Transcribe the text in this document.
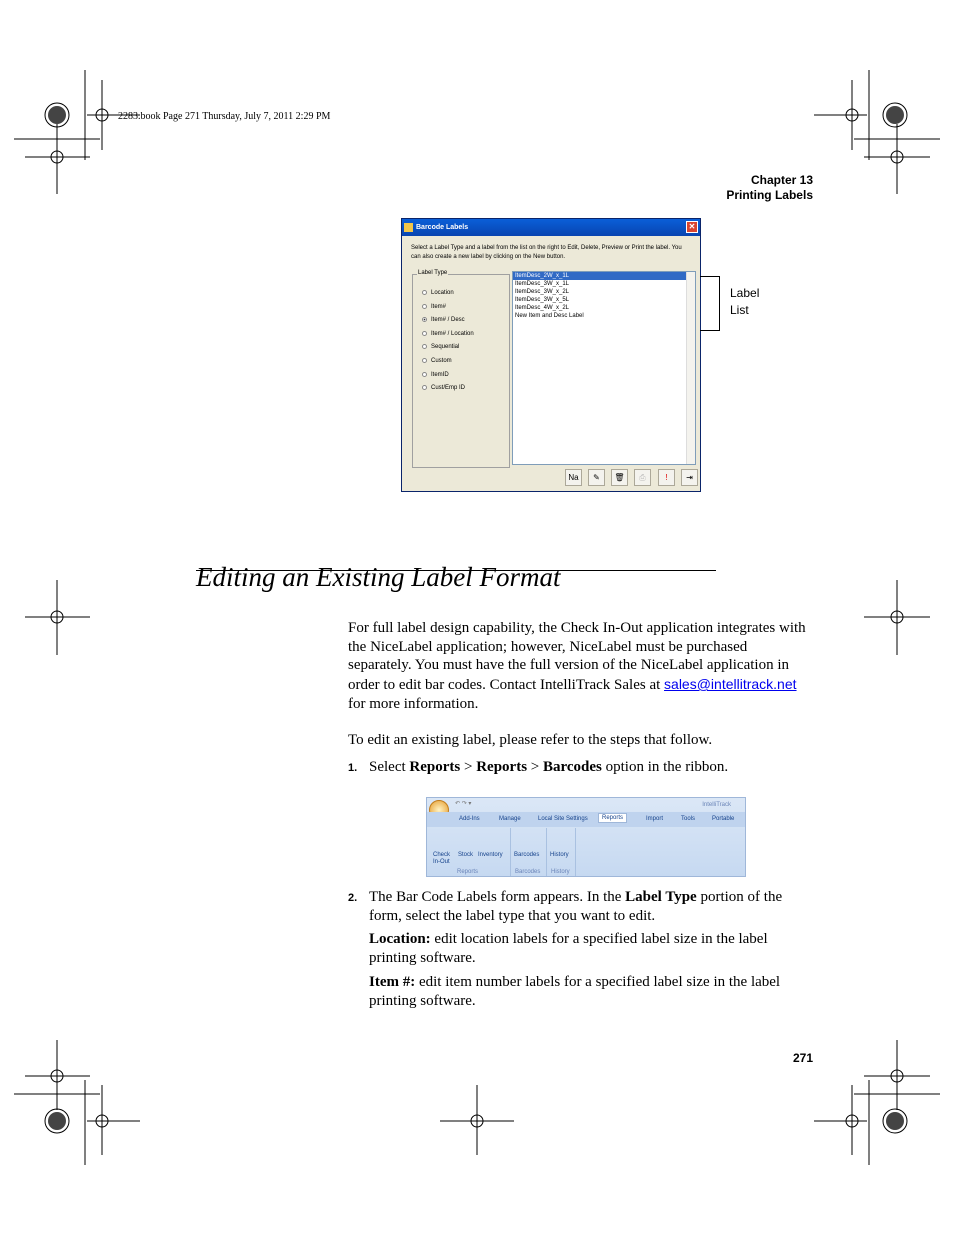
2283.book Page 271 Thursday, July 7, 2011 2:29 PM
Chapter 13
Printing Labels
Barcode Labels	✕
Select a Label Type and a label from the list on the right to Edit, Delete, Preview or Print the label. You can also create a new label by clicking on the New button.
Label Type
Location
Item#
Item# / Desc
Item# / Location
Sequential
Custom
ItemID
Cust/Emp ID
ItemDesc_2W_x_1L
ItemDesc_3W_x_1L
ItemDesc_3W_x_2L
ItemDesc_3W_x_5L
ItemDesc_4W_x_2L
New Item and Desc Label
Na	✎	🗑	⎙	!	⇥
Label
List
Editing an Existing Label Format
For full label design capability, the Check In-Out application integrates with the NiceLabel application; however, NiceLabel must be purchased separately. You must have the full version of the NiceLabel application in order to edit bar codes. Contact IntelliTrack Sales at sales@intellitrack.net for more information.
To edit an existing label, please refer to the steps that follow.
1. Select Reports > Reports > Barcodes option in the ribbon.
↶ ↷ ▾	IntelliTrack
Add-Ins	Manage	Local Site Settings	Reports	Import	Tools	Portable
Check
In-Out
Stock Inventory Barcodes History
Reports	Barcodes History
2. The Bar Code Labels form appears. In the Label Type portion of the form, select the label type that you want to edit.
Location: edit location labels for a specified label size in the label printing software.
Item #: edit item number labels for a specified label size in the label printing software.
271
